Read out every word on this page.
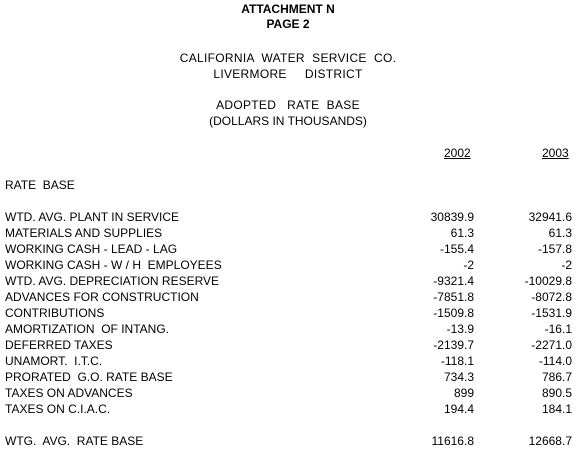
ATTACHMENT N
PAGE 2
CALIFORNIA  WATER  SERVICE  CO.
LIVERMORE     DISTRICT
ADOPTED   RATE  BASE
(DOLLARS IN THOUSANDS)
2002	2003
RATE  BASE
WTD. AVG. PLANT IN SERVICE	30839.9	32941.6
MATERIALS AND SUPPLIES	61.3	61.3
WORKING CASH - LEAD - LAG	-155.4	-157.8
WORKING CASH - W / H  EMPLOYEES	-2	-2
WTD. AVG. DEPRECIATION RESERVE	-9321.4	-10029.8
ADVANCES FOR CONSTRUCTION	-7851.8	-8072.8
CONTRIBUTIONS	-1509.8	-1531.9
AMORTIZATION  OF INTANG.	-13.9	-16.1
DEFERRED TAXES	-2139.7	-2271.0
UNAMORT.  I.T.C.	-118.1	-114.0
PRORATED  G.O. RATE BASE	734.3	786.7
TAXES ON ADVANCES	899	890.5
TAXES ON C.I.A.C.	194.4	184.1
WTG.  AVG.  RATE BASE	11616.8	12668.7
